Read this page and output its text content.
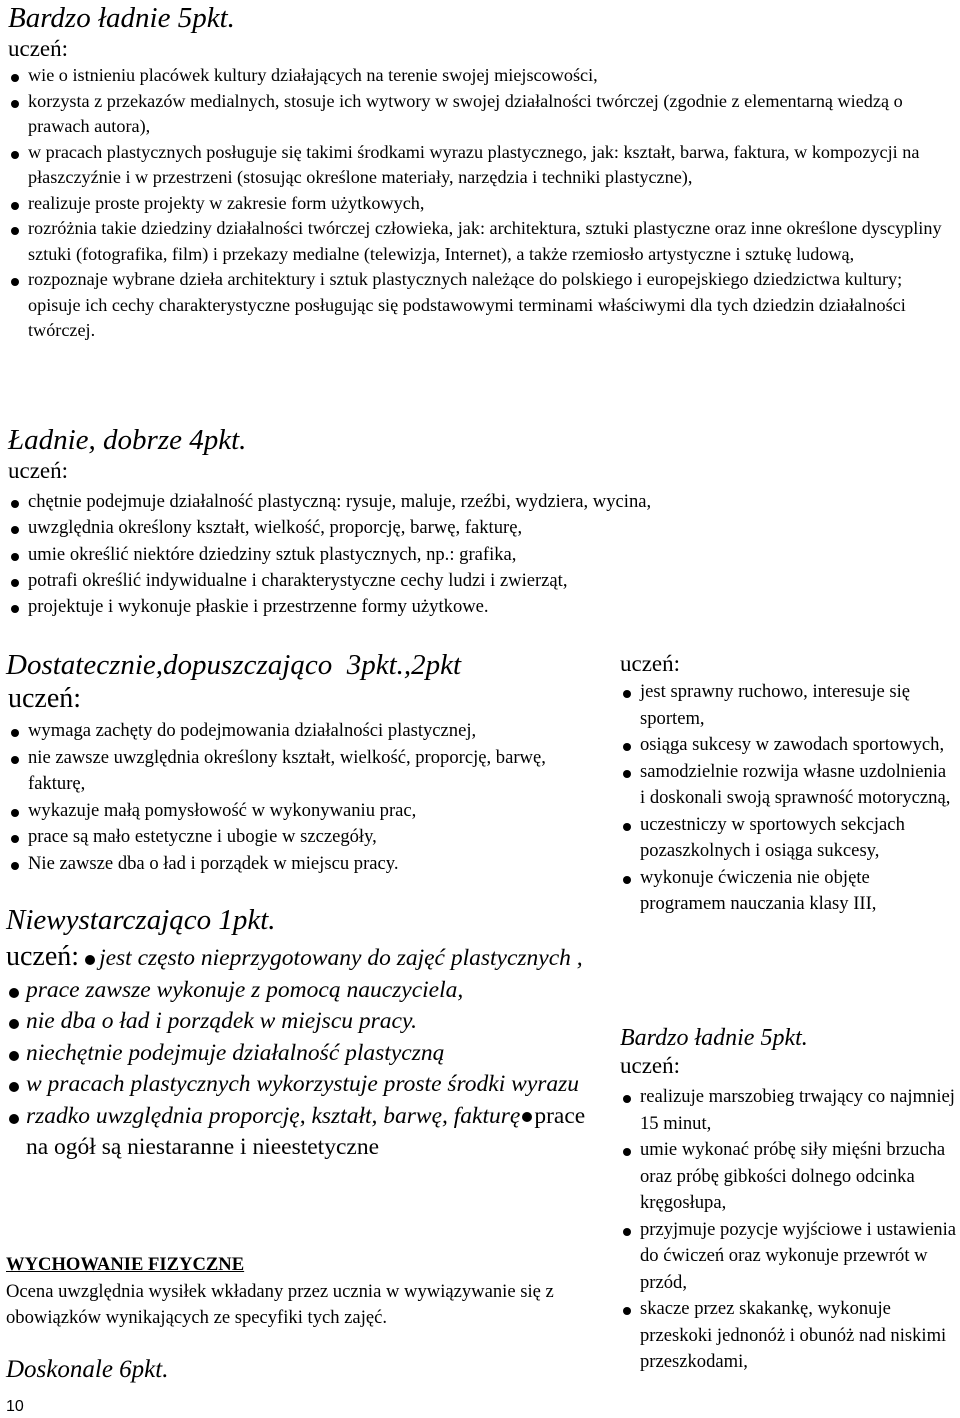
Bardzo ładnie 5pkt.
uczeń:
wie o istnieniu placówek kultury działających na terenie swojej miejscowości,
korzysta z przekazów medialnych, stosuje ich wytwory w swojej działalności twórczej (zgodnie z elementarną wiedzą o prawach autora),
w pracach plastycznych posługuje się takimi środkami wyrazu plastycznego, jak: kształt, barwa, faktura, w kompozycji na płaszczyźnie i w przestrzeni (stosując określone materiały, narzędzia i techniki plastyczne),
realizuje proste projekty w zakresie form użytkowych,
rozróżnia takie dziedziny działalności twórczej człowieka, jak: architektura, sztuki plastyczne oraz inne określone dyscypliny sztuki (fotografika, film) i przekazy medialne (telewizja, Internet), a także rzemiosło artystyczne i sztukę ludową,
rozpoznaje wybrane dzieła architektury i sztuk plastycznych należące do polskiego i europejskiego dziedzictwa kultury; opisuje ich cechy charakterystyczne posługując się podstawowymi terminami właściwymi dla tych dziedzin działalności twórczej.
Ładnie, dobrze 4pkt.
uczeń:
chętnie podejmuje działalność plastyczną: rysuje, maluje, rzeźbi, wydziera, wycina,
uwzględnia określony kształt, wielkość, proporcję, barwę, fakturę,
umie określić niektóre dziedziny sztuk plastycznych, np.: grafika,
potrafi określić indywidualne i charakterystyczne cechy ludzi i zwierząt,
projektuje i wykonuje płaskie i przestrzenne formy użytkowe.
Dostatecznie,dopuszczająco  3pkt.,2pkt
uczeń:
wymaga zachęty do podejmowania działalności plastycznej,
nie zawsze uwzględnia określony kształt, wielkość, proporcję, barwę, fakturę,
wykazuje małą pomysłowość w wykonywaniu prac,
prace są mało estetyczne i ubogie w szczegóły,
Nie zawsze dba o ład i porządek w miejscu pracy.
Niewystarczająco 1pkt.
uczeń: jest często nieprzygotowany do zajęć plastycznych ,
prace zawsze wykonuje z pomocą nauczyciela,
nie dba o ład i porządek w miejscu pracy.
niechętnie podejmuje działalność plastyczną
w pracach plastycznych wykorzystuje proste środki wyrazu
rzadko uwzględnia proporcję, kształt, barwę, fakturę prace na ogół są niestaranne i nieestetyczne
WYCHOWANIE FIZYCZNE
Ocena uwzględnia wysiłek wkładany przez ucznia w wywiązywanie się z obowiązków wynikających ze specyfiki tych zajęć.
Doskonale 6pkt.
10
uczeń:
jest sprawny ruchowo, interesuje się sportem,
osiąga sukcesy w zawodach sportowych,
samodzielnie rozwija własne uzdolnienia i doskonali swoją sprawność motoryczną,
uczestniczy w sportowych sekcjach pozaszkolnych i osiąga sukcesy,
wykonuje ćwiczenia nie objęte programem nauczania klasy III,
Bardzo ładnie 5pkt.
uczeń:
realizuje marszobieg trwający co najmniej 15 minut,
umie wykonać próbę siły mięśni brzucha oraz próbę gibkości dolnego odcinka kręgosłupa,
przyjmuje pozycje wyjściowe i ustawienia do ćwiczeń oraz wykonuje przewrót w przód,
skacze przez skakankę, wykonuje przeskoki jednonóż i obunóż nad niskimi przeszkodami,
